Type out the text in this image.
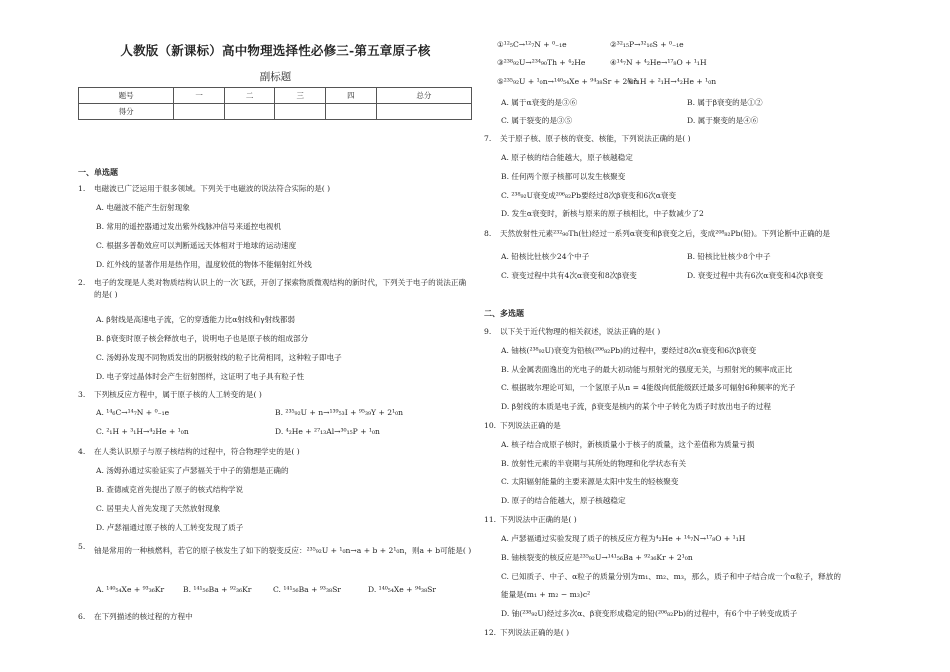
人教版（新课标）高中物理选择性必修三-第五章原子核
副标题
题号	一	二	三	四	总分
得分					
一、单选题
1. 电磁波已广泛运用于很多领域。下列关于电磁波的说法符合实际的是( )
A. 电磁波不能产生衍射现象
B. 常用的遥控器通过发出紫外线脉冲信号来遥控电视机
C. 根据多普勒效应可以判断遥远天体相对于地球的运动速度
D. 红外线的显著作用是热作用，温度较低的物体不能辐射红外线
2. 电子的发现是人类对物质结构认识上的一次飞跃，开创了探索物质微观结构的新时代，下列关于电子的说法正确的是( )
A. β射线是高速电子流，它的穿透能力比α射线和γ射线都弱
B. β衰变时原子核会释放电子，说明电子也是原子核的组成部分
C. 汤姆孙发现不同物质发出的阴极射线的粒子比荷相同，这种粒子即电子
D. 电子穿过晶体时会产生衍射图样，这证明了电子具有粒子性
3. 下列核反应方程中，属于原子核的人工转变的是( )
A. ¹⁴₆C→¹⁴₇N + ⁰₋₁e	B. ²³⁵₉₂U + n→¹³⁹₅₃I + ⁹⁵₃₉Y + 2¹₀n
C. ²₁H + ³₁H→⁴₂He + ¹₀n	D. ⁴₂He + ²⁷₁₃Al→³⁰₁₅P + ¹₀n
4. 在人类认识原子与原子核结构的过程中，符合物理学史的是( )
A. 汤姆孙通过实验证实了卢瑟福关于中子的猜想是正确的
B. 查德威克首先提出了原子的核式结构学说
C. 居里夫人首先发现了天然放射现象
D. 卢瑟福通过原子核的人工转变发现了质子
5. 铀是常用的一种核燃料，若它的原子核发生了如下的裂变反应：²³⁵₉₂U + ¹₀n→a + b + 2¹₀n，则a + b可能是( )
A. ¹⁴⁰₅₄Xe + ⁹³₃₆Kr B. ¹⁴¹₅₆Ba + ⁹²₃₆Kr	C. ¹⁴¹₅₆Ba + ⁹³₃₈Sr	D. ¹⁴⁰₅₄Xe + ⁹⁴₃₈Sr
6. 在下列描述的核过程的方程中
①¹²₅C→¹²₇N + ⁰₋₁e	②³²₁₅P→³²₁₆S + ⁰₋₁e
③²³⁸₉₂U→²³⁴₉₀Th + ⁴₂He	④¹⁴₇N + ⁴₂He→¹⁷₈O + ¹₁H
⑤²³⁵₉₂U + ¹₀n→¹⁴⁰₅₄Xe + ⁹⁴₃₈Sr + 2¹₀n
⑥³₁H + ²₁H→⁴₂He + ¹₀n
A. 属于α衰变的是③⑥	B. 属于β衰变的是①②
C. 属于裂变的是③⑤	D. 属于聚变的是④⑥
7. 关于原子核、原子核的衰变、核能，下列说法正确的是( )
A. 原子核的结合能越大，原子核越稳定
B. 任何两个原子核都可以发生核聚变
C. ²³⁸₉₂U衰变成²⁰⁶₈₂Pb要经过8次β衰变和6次α衰变
D. 发生α衰变时，新核与原来的原子核相比，中子数减少了2
8. 天然放射性元素²³²₉₀Th(钍)经过一系列α衰变和β衰变之后，变成²⁰⁸₈₂Pb(铅)。下列论断中正确的是
A. 铅核比钍核少24个中子	B. 铅核比钍核少8个中子
C. 衰变过程中共有4次α衰变和8次β衰变	D. 衰变过程中共有6次α衰变和4次β衰变
二、多选题
9. 以下关于近代物理的相关叙述，说法正确的是( )
A. 铀核(²³⁸₉₂U)衰变为铅核(²⁰⁶₈₂Pb)的过程中，要经过8次α衰变和6次β衰变
B. 从金属表面逸出的光电子的最大初动能与照射光的强度无关，与照射光的频率成正比
C. 根据玻尔理论可知，一个氢原子从n = 4能级向低能级跃迁最多可辐射6种频率的光子
D. β射线的本质是电子流，β衰变是核内的某个中子转化为质子时放出电子的过程
10. 下列说法正确的是
A. 核子结合成原子核时，新核质量小于核子的质量，这个差值称为质量亏损
B. 放射性元素的半衰期与其所处的物理和化学状态有关
C. 太阳辐射能量的主要来源是太阳中发生的轻核聚变
D. 原子的结合能越大，原子核越稳定
11. 下列说法中正确的是( )
A. 卢瑟福通过实验发现了质子的核反应方程为⁴₂He + ¹⁴₇N→¹⁷₈O + ¹₁H
B. 铀核裂变的核反应是²³⁵₉₂U→¹⁴¹₅₆Ba + ⁹²₃₆Kr + 2¹₀n
C. 已知质子、中子、α粒子的质量分别为m₁、m₂、m₃，那么，质子和中子结合成一个α粒子，释放的
能量是(m₁ + m₂ − m₃)c²
D. 铀(²³⁸₉₂U)经过多次α、β衰变形成稳定的铅(²⁰⁶₈₂Pb)的过程中，有6个中子转变成质子
12. 下列说法正确的是( )
